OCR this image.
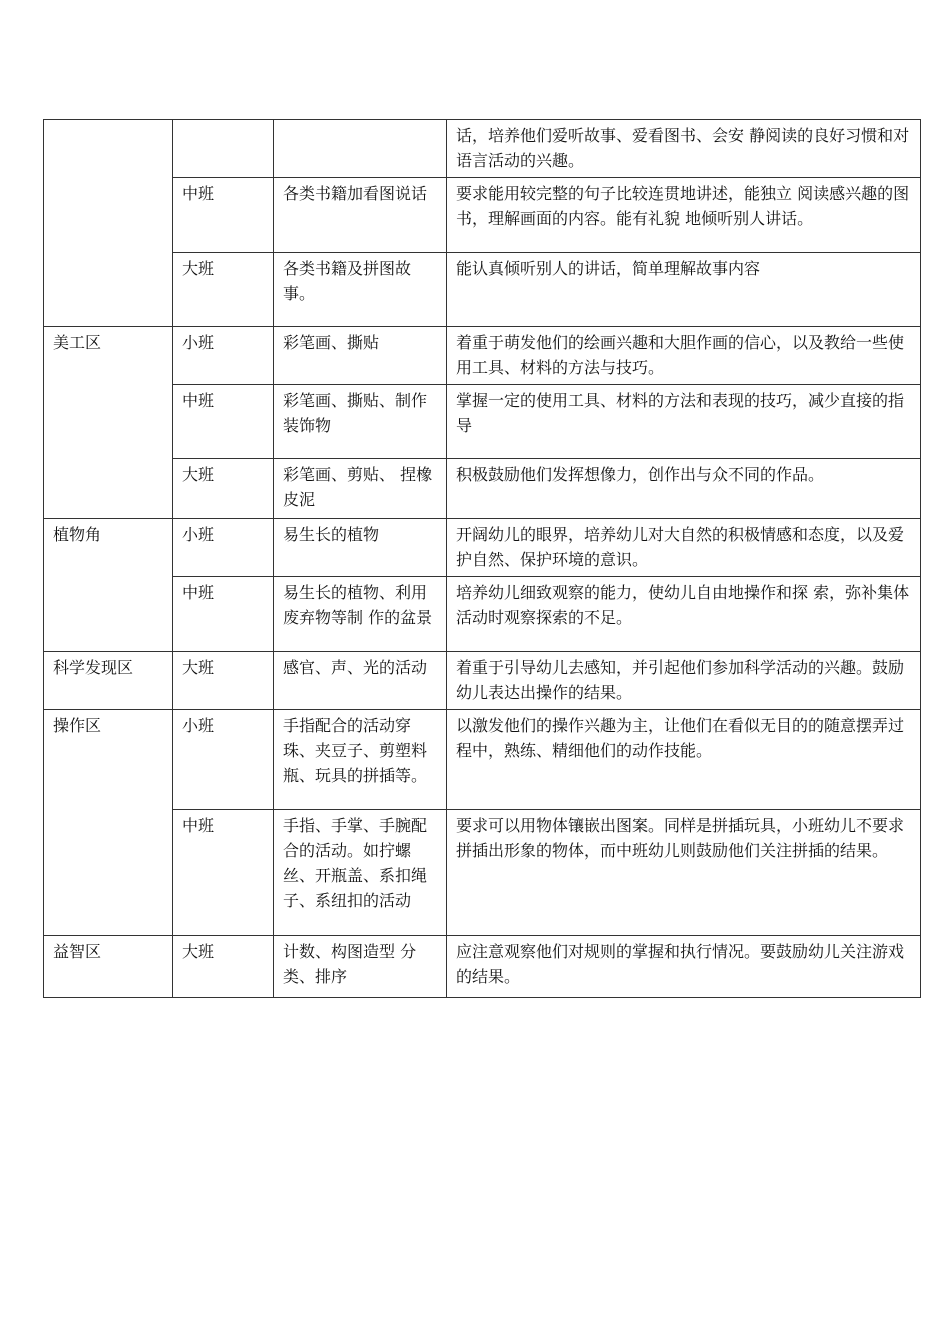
			话，培养他们爱听故事、爱看图书、会安 静阅读的良好习惯和对语言活动的兴趣。
	中班	各类书籍加看图说话	要求能用较完整的句子比较连贯地讲述，能独立 阅读感兴趣的图书，理解画面的内容。能有礼貌 地倾听别人讲话。
	大班	各类书籍及拼图故事。	能认真倾听别人的讲话，简单理解故事内容
美工区	小班	彩笔画、撕贴	着重于萌发他们的绘画兴趣和大胆作画的信心，以及教给一些使用工具、材料的方法与技巧。
	中班	彩笔画、撕贴、制作装饰物	掌握一定的使用工具、材料的方法和表现的技巧，减少直接的指导
	大班	彩笔画、剪贴、 捏橡皮泥	积极鼓励他们发挥想像力，创作出与众不同的作品。
植物角	小班	易生长的植物	开阔幼儿的眼界，培养幼儿对大自然的积极情感和态度，以及爱护自然、保护环境的意识。
	中班	易生长的植物、利用废弃物等制 作的盆景	培养幼儿细致观察的能力，使幼儿自由地操作和探 索，弥补集体活动时观察探索的不足。
科学发现区	大班	感官、声、光的活动	着重于引导幼儿去感知，并引起他们参加科学活动的兴趣。鼓励幼儿表达出操作的结果。
操作区	小班	手指配合的活动穿珠、夹豆子、剪塑料瓶、玩具的拼插等。	以激发他们的操作兴趣为主，让他们在看似无目的的随意摆弄过程中，熟练、精细他们的动作技能。
	中班	手指、手掌、手腕配合的活动。如拧螺丝、开瓶盖、系扣绳子、系纽扣的活动	要求可以用物体镶嵌出图案。同样是拼插玩具，小班幼儿不要求拼插出形象的物体，而中班幼儿则鼓励他们关注拼插的结果。
益智区	大班	计数、构图造型 分类、排序	应注意观察他们对规则的掌握和执行情况。要鼓励幼儿关注游戏的结果。
